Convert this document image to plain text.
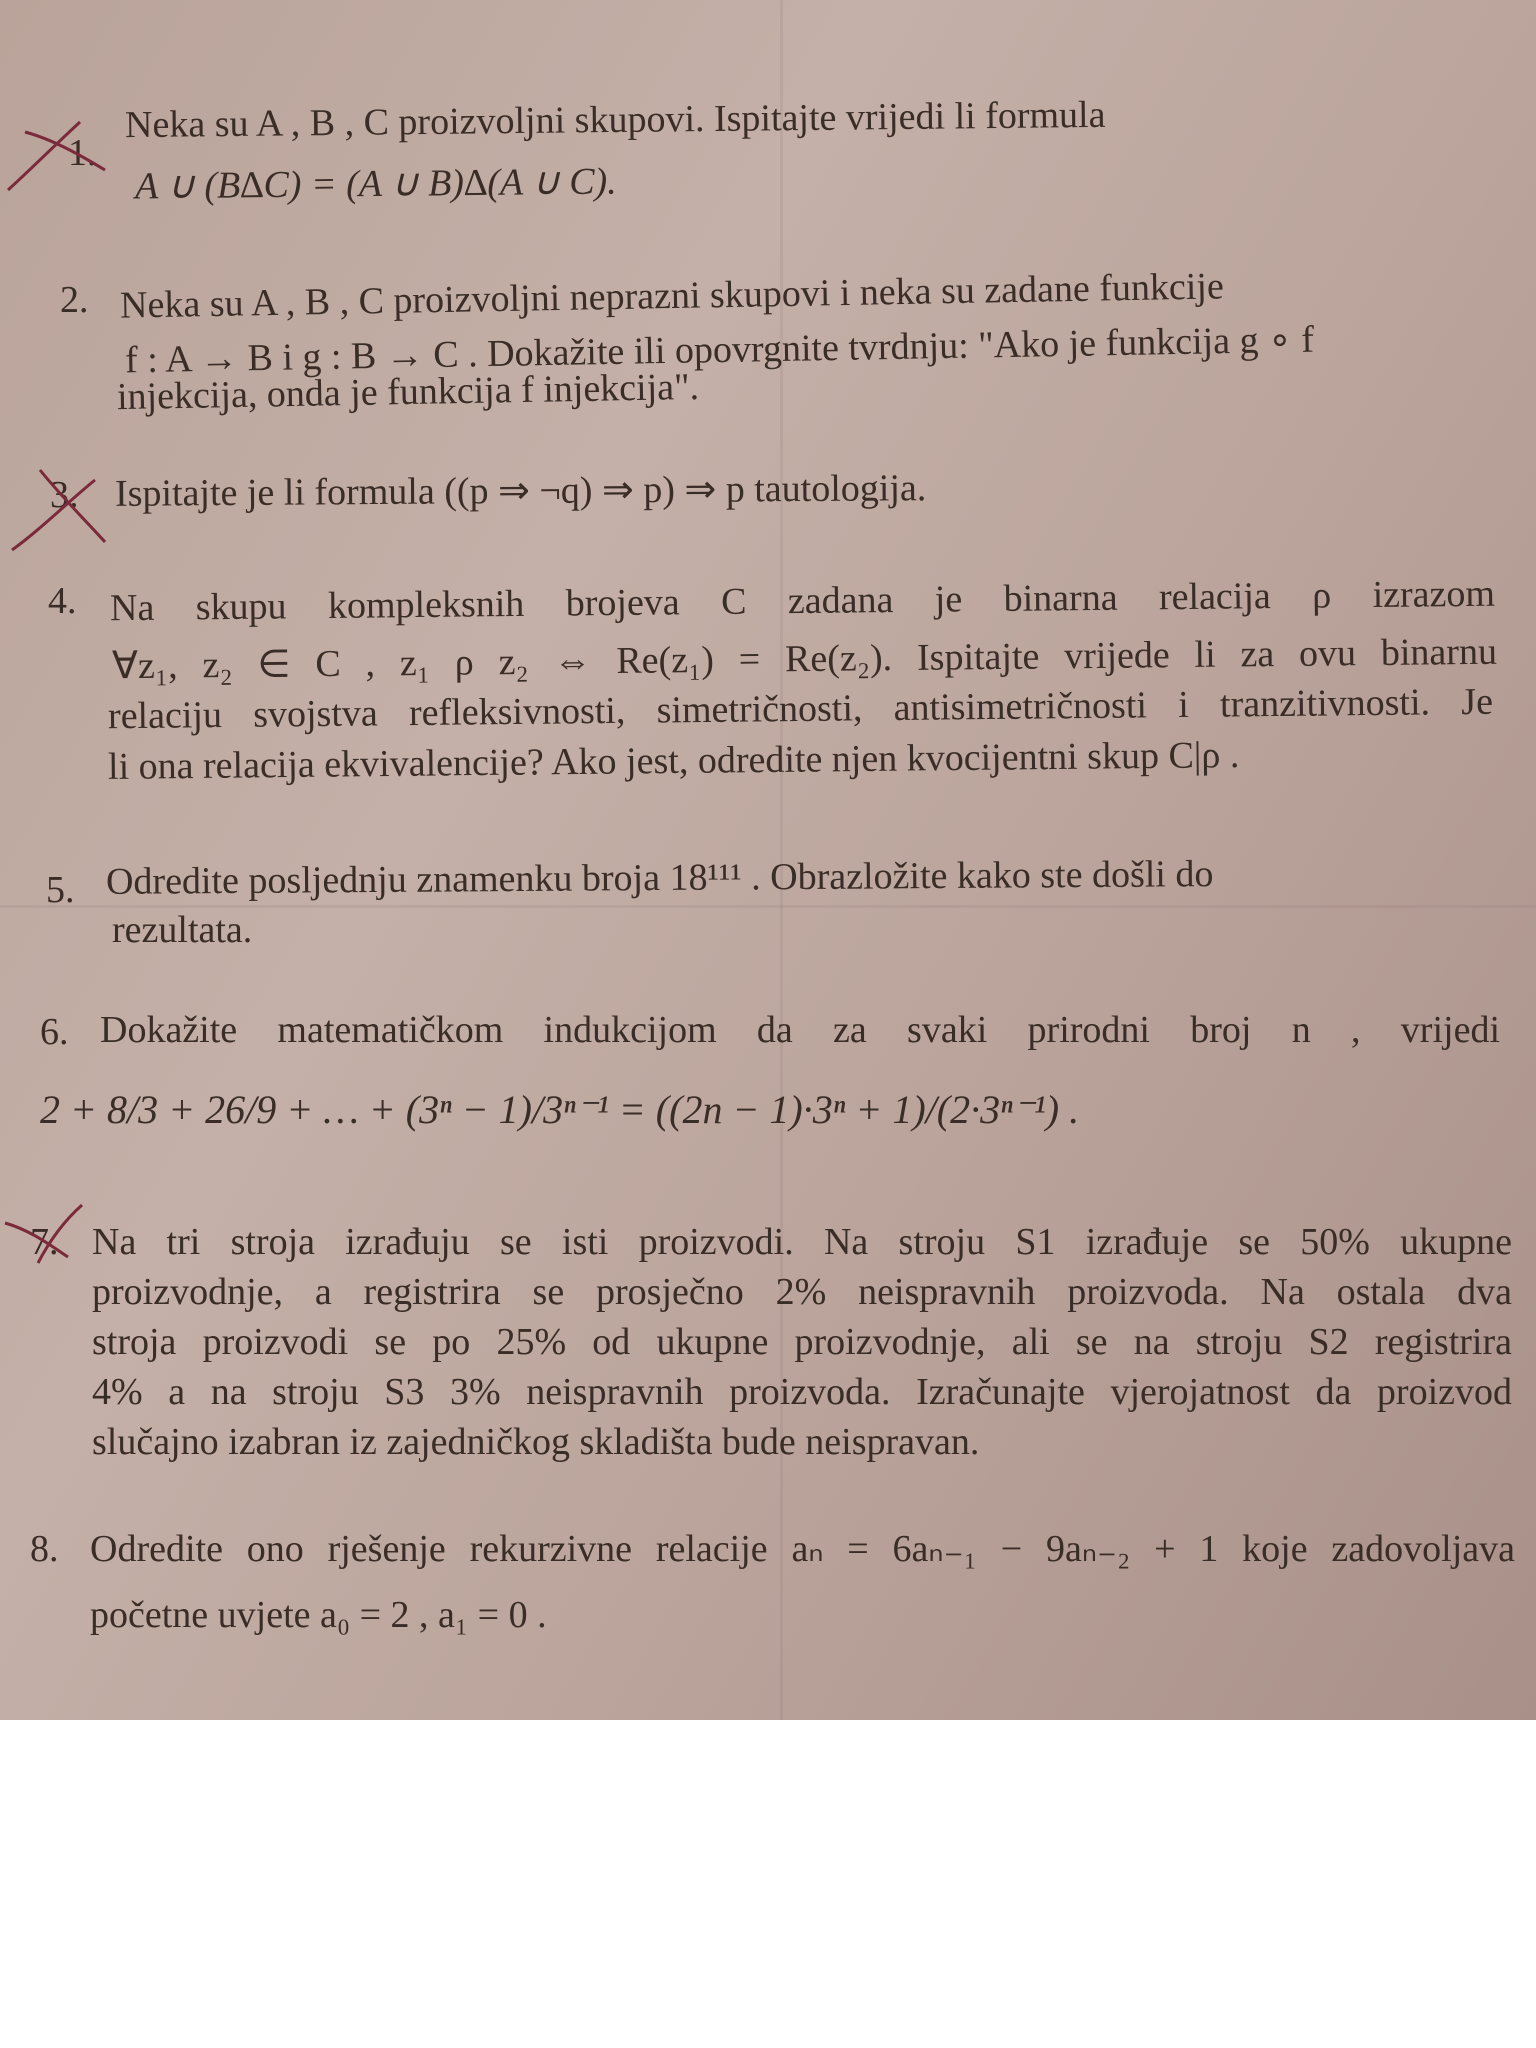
1.
Neka su A , B , C proizvoljni skupovi. Ispitajte vrijedi li formula
A ∪ (B∆C) = (A ∪ B)∆(A ∪ C).
2. Neka su A , B , C proizvoljni neprazni skupovi i neka su zadane funkcije
f : A → B i g : B → C . Dokažite ili opovrgnite tvrdnju: "Ako je funkcija g ∘ f
injekcija, onda je funkcija f injekcija".
3. Ispitajte je li formula ((p ⇒ ¬q) ⇒ p) ⇒ p tautologija.
4. Na skupu kompleksnih brojeva C zadana je binarna relacija ρ izrazom
∀z₁, z₂ ∈ C , z₁ ρ z₂ ⇔ Re(z₁) = Re(z₂). Ispitajte vrijede li za ovu binarnu
relaciju svojstva refleksivnosti, simetričnosti, antisimetričnosti i tranzitivnosti. Je
li ona relacija ekvivalencije? Ako jest, odredite njen kvocijentni skup C|ρ .
5. Odredite posljednju znamenku broja 18¹¹¹ . Obrazložite kako ste došli do
rezultata.
6. Dokažite matematičkom indukcijom da za svaki prirodni broj n , vrijedi
2 + 8/3 + 26/9 + … + (3ⁿ − 1)/3ⁿ⁻¹ = ((2n − 1)·3ⁿ + 1)/(2·3ⁿ⁻¹) .
7. Na tri stroja izrađuju se isti proizvodi. Na stroju S1 izrađuje se 50% ukupne
proizvodnje, a registrira se prosječno 2% neispravnih proizvoda. Na ostala dva
stroja proizvodi se po 25% od ukupne proizvodnje, ali se na stroju S2 registrira
4% a na stroju S3 3% neispravnih proizvoda. Izračunajte vjerojatnost da proizvod
slučajno izabran iz zajedničkog skladišta bude neispravan.
8. Odredite ono rješenje rekurzivne relacije aₙ = 6aₙ₋₁ − 9aₙ₋₂ + 1 koje zadovoljava
početne uvjete a₀ = 2 , a₁ = 0 .
